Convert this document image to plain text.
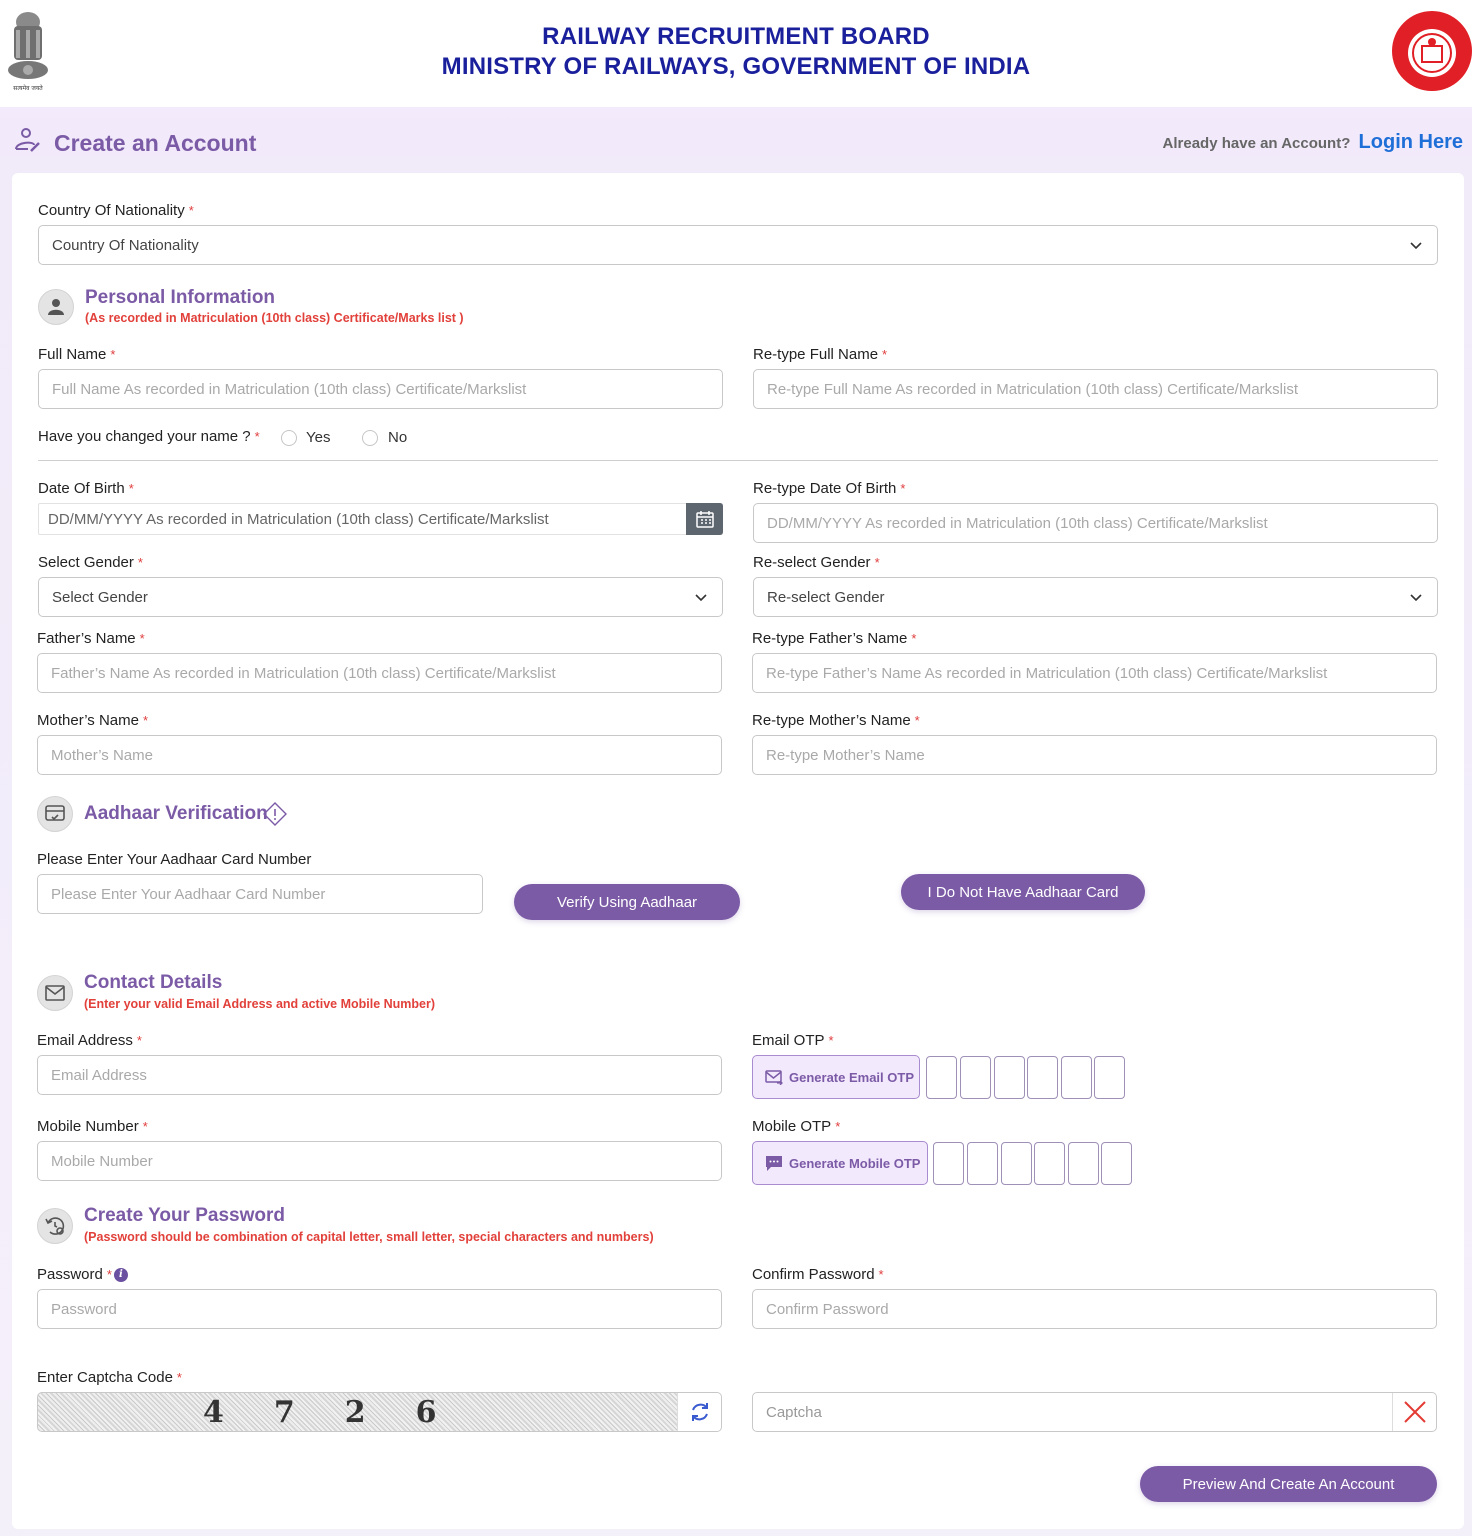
सत्यमेव जयते
RAILWAY RECRUITMENT BOARD
MINISTRY OF RAILWAYS, GOVERNMENT OF INDIA
Create an Account	Already have an Account? Login Here
Country Of Nationality *
Country Of Nationality
Personal Information
(As recorded in Matriculation (10th class) Certificate/Marks list )
Full Name *
Full Name As recorded in Matriculation (10th class) Certificate/Markslist
Re-type Full Name *
Re-type Full Name As recorded in Matriculation (10th class) Certificate/Markslist
Have you changed your name ? *	Yes	No
Date Of Birth *
DD/MM/YYYY As recorded in Matriculation (10th class) Certificate/Markslist
Re-type Date Of Birth *
DD/MM/YYYY As recorded in Matriculation (10th class) Certificate/Markslist
Select Gender *
Select Gender
Re-select Gender *
Re-select Gender
Father’s Name *
Father’s Name As recorded in Matriculation (10th class) Certificate/Markslist
Re-type Father’s Name *
Re-type Father’s Name As recorded in Matriculation (10th class) Certificate/Markslist
Mother’s Name *
Mother’s Name
Re-type Mother’s Name *
Re-type Mother’s Name
Aadhaar Verification
Please Enter Your Aadhaar Card Number
Please Enter Your Aadhaar Card Number	Verify Using Aadhaar
I Do Not Have Aadhaar Card
Contact Details
(Enter your valid Email Address and active Mobile Number)
Email Address *
Email Address
Email OTP *
Generate Email OTP
Mobile Number *
Mobile Number
Mobile OTP *
Generate Mobile OTP
Create Your Password
(Password should be combination of capital letter, small letter, special characters and numbers)
Password * i
Password
Confirm Password *
Confirm Password
Enter Captcha Code *
4 7 2 6	Captcha
Preview And Create An Account
